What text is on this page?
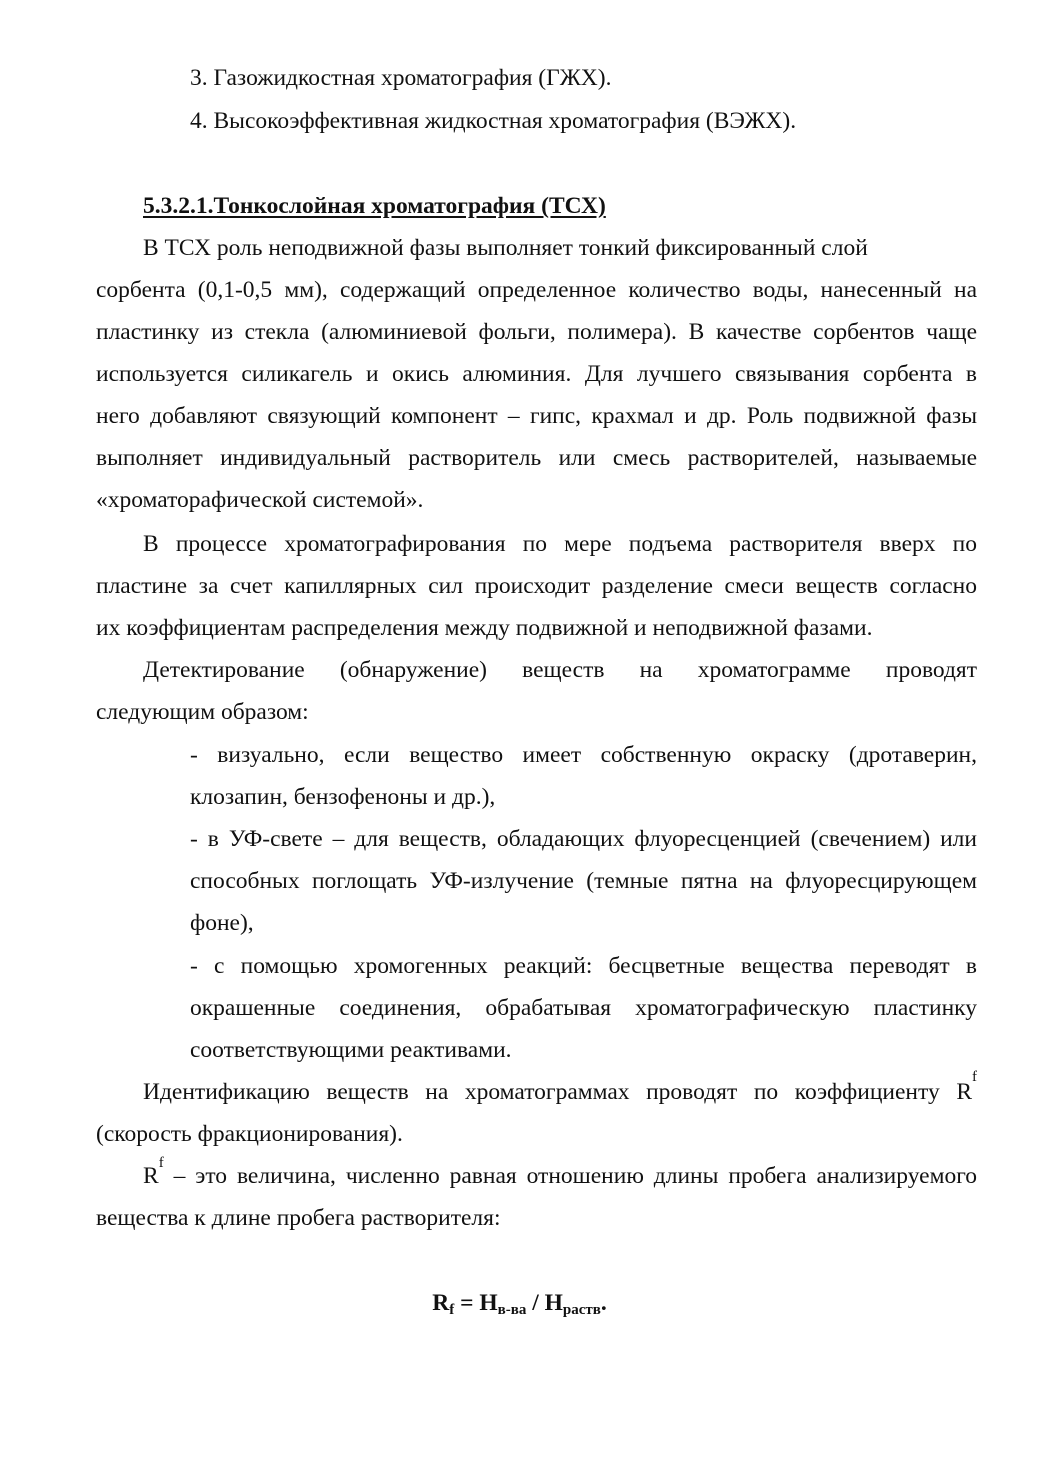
3. Газожидкостная хроматография (ГЖХ).
4. Высокоэффективная жидкостная хроматография (ВЭЖХ).
5.3.2.1.Тонкослойная хроматография (ТСХ)
В ТСХ роль неподвижной фазы выполняет тонкий фиксированный слой
сорбента (0,1-0,5 мм), содержащий определенное количество воды, нанесенный на
пластинку из стекла (алюминиевой фольги, полимера). В качестве сорбентов чаще
используется силикагель и окись алюминия. Для лучшего связывания сорбента в
него добавляют связующий компонент – гипс, крахмал и др. Роль подвижной фазы
выполняет индивидуальный растворитель или смесь растворителей, называемые
«хроматорафической системой».
В процессе хроматографирования по мере подъема растворителя вверх по
пластине за счет капиллярных сил происходит разделение смеси веществ согласно
их коэффициентам распределения между подвижной и неподвижной фазами.
Детектирование (обнаружение) веществ на хроматограмме проводят
следующим образом:
- визуально, если вещество имеет собственную окраску (дротаверин,
клозапин, бензофеноны и др.),
- в УФ-свете – для веществ, обладающих флуоресценцией (свечением) или
способных поглощать УФ-излучение (темные пятна на флуоресцирующем
фоне),
- с помощью хромогенных реакций: бесцветные вещества переводят в
окрашенные соединения, обрабатывая хроматографическую пластинку
соответствующими реактивами.
Идентификацию веществ на хроматограммах проводят по коэффициенту R
f
(скорость фракционирования).
R f – это величина, численно равная отношению длины пробега анализируемого
вещества к длине пробега растворителя:
$R_f = H_{в-ва} / H_{раств}$.
